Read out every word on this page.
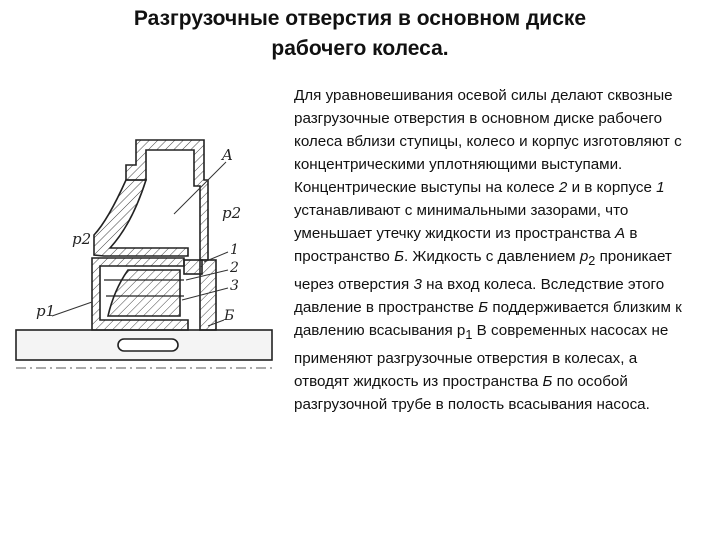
Разгрузочные отверстия в основном диске
рабочего колеса.
A
p2
p2
1
2
3
Б
p1

Для уравновешивания осевой силы делают сквозные разгрузочные отверстия в основном диске рабочего колеса вблизи ступицы, колесо и корпус изготовляют с концентрическими уплотняющими выступами. Концентрические выступы на колесе 2 и в корпусе 1 устанавливают с минимальными зазорами, что уменьшает утечку жидкости из пространства А в пространство Б. Жидкость с давлением $p_2$ проникает через отверстия 3 на вход колеса. Вследствие этого давление в пространстве Б поддерживается близким к давлению всасывания $p_1$ В современных насосах не применяют разгрузочные отверстия в колесах, а отводят жидкость из пространства Б по особой разгрузочной трубе в полость всасывания насоса.
